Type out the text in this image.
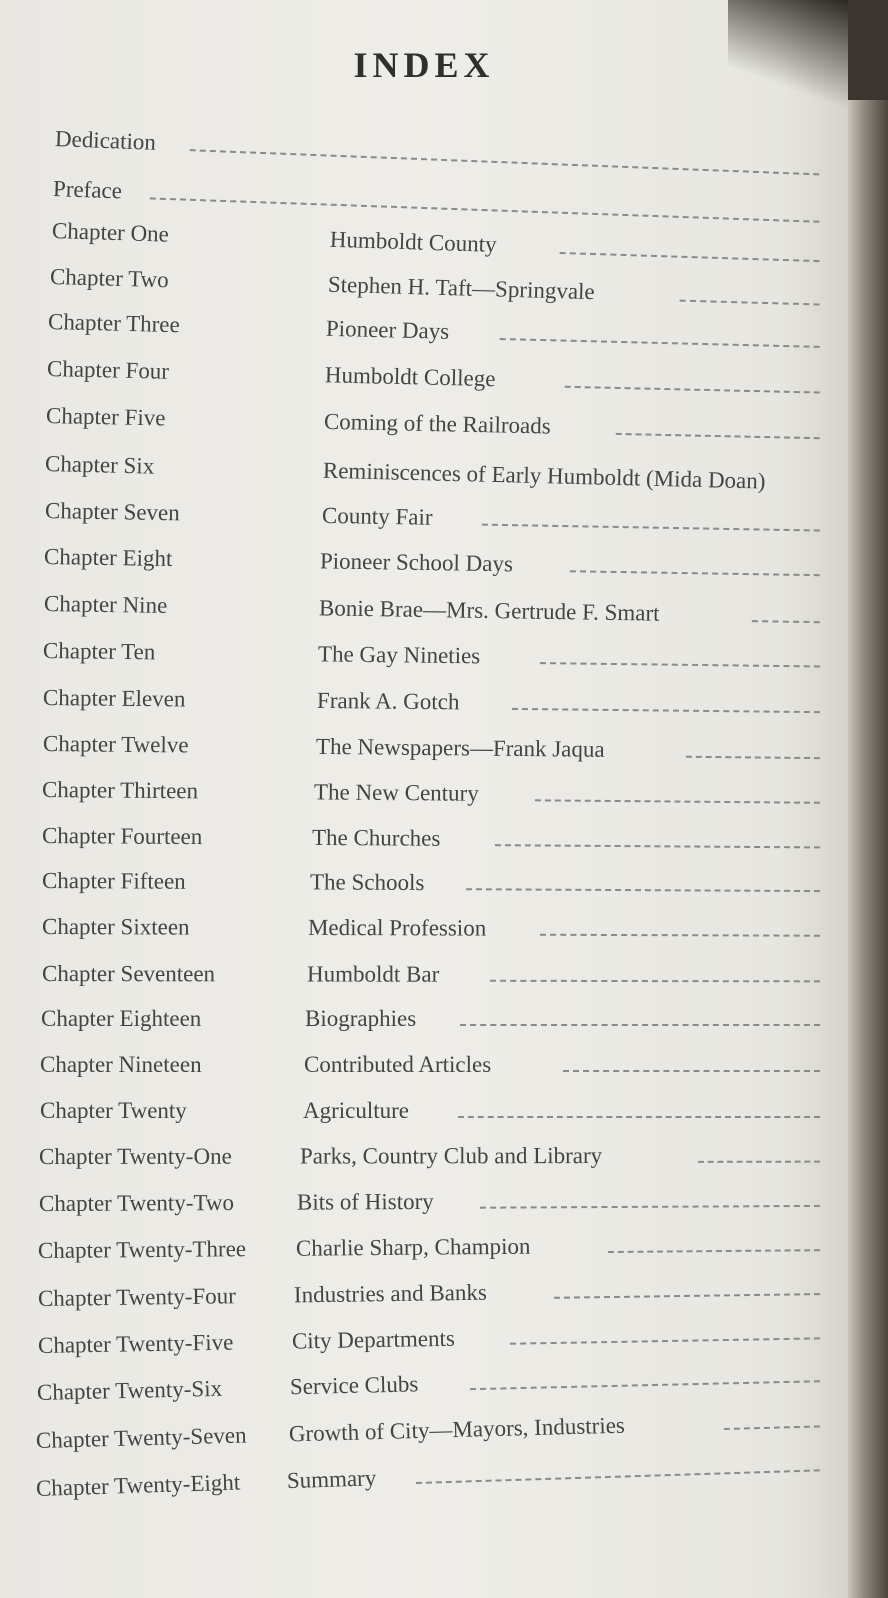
INDEX
Dedication
Preface
Chapter One	Humboldt County
Chapter Two	Stephen H. Taft—Springvale
Chapter Three	Pioneer Days
Chapter Four	Humboldt College
Chapter Five	Coming of the Railroads
Chapter Six	Reminiscences of Early Humboldt (Mida Doan)
Chapter Seven	County Fair
Chapter Eight	Pioneer School Days
Chapter Nine	Bonie Brae—Mrs. Gertrude F. Smart
Chapter Ten	The Gay Nineties
Chapter Eleven	Frank A. Gotch
Chapter Twelve	The Newspapers—Frank Jaqua
Chapter Thirteen	The New Century
Chapter Fourteen	The Churches
Chapter Fifteen	The Schools
Chapter Sixteen	Medical Profession
Chapter Seventeen	Humboldt Bar
Chapter Eighteen	Biographies
Chapter Nineteen	Contributed Articles
Chapter Twenty	Agriculture
Chapter Twenty-One	Parks, Country Club and Library
Chapter Twenty-Two	Bits of History
Chapter Twenty-Three Charlie Sharp, Champion
Chapter Twenty-Four	Industries and Banks
Chapter Twenty-Five	City Departments
Chapter Twenty-Six	Service Clubs
Chapter Twenty-Seven Growth of City—Mayors, Industries
Chapter Twenty-Eight Summary
